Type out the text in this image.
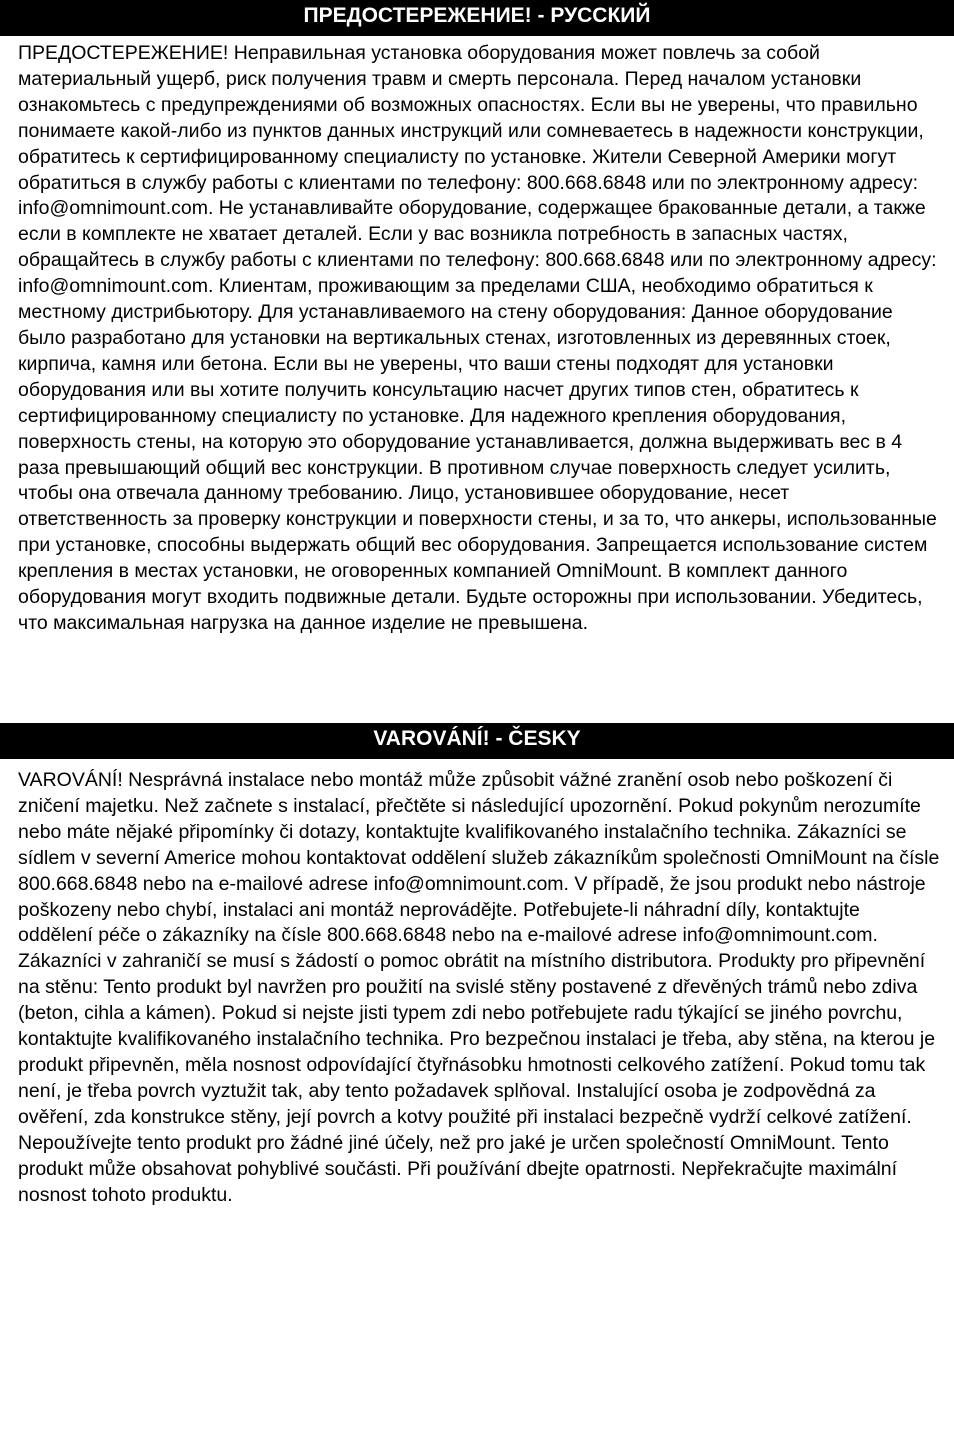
ПРЕДОСТЕРЕЖЕНИЕ! - РУССКИЙ

ПРЕДОСТЕРЕЖЕНИЕ! Неправильная установка оборудования может повлечь за собой материальный ущерб, риск получения травм и смерть персонала. Перед началом установки ознакомьтесь с предупреждениями об возможных опасностях. Если вы не уверены, что правильно понимаете какой-либо из пунктов данных инструкций или сомневаетесь в надежности конструкции, обратитесь к сертифицированному специалисту по установке. Жители Северной Америки могут обратиться в службу работы с клиентами по телефону: 800.668.6848 или по электронному адресу: info@omnimount.com. Не устанавливайте оборудование, содержащее бракованные детали, а также если в комплекте не хватает деталей. Если у вас возникла потребность в запасных частях, обращайтесь в службу работы с клиентами по телефону: 800.668.6848 или по электронному адресу: info@omnimount.com. Клиентам, проживающим за пределами США, необходимо обратиться к местному дистрибьютору. Для устанавливаемого на стену оборудования: Данное оборудование было разработано для установки на вертикальных стенах, изготовленных из деревянных стоек, кирпича, камня или бетона. Если вы не уверены, что ваши стены подходят для установки оборудования или вы хотите получить консультацию насчет других типов стен, обратитесь к сертифицированному специалисту по установке. Для надежного крепления оборудования, поверхность стены, на которую это оборудование устанавливается, должна выдерживать вес в 4 раза превышающий общий вес конструкции. В противном случае поверхность следует усилить, чтобы она отвечала данному требованию. Лицо, установившее оборудование, несет ответственность за проверку конструкции и поверхности стены, и за то, что анкеры, использованные при установке, способны выдержать общий вес оборудования. Запрещается использование систем крепления в местах установки, не оговоренных компанией OmniMount. В комплект данного оборудования могут входить подвижные детали. Будьте осторожны при использовании. Убедитесь, что максимальная нагрузка на данное изделие не превышена.

VAROVÁNÍ! - ČESKY

VAROVÁNÍ! Nesprávná instalace nebo montáž může způsobit vážné zranění osob nebo poškození či zničení majetku. Než začnete s instalací, přečtěte si následující upozornění. Pokud pokynům nerozumíte nebo máte nějaké připomínky či dotazy, kontaktujte kvalifikovaného instalačního technika. Zákazníci se sídlem v severní Americe mohou kontaktovat oddělení služeb zákazníkům společnosti OmniMount na čísle 800.668.6848 nebo na e-mailové adrese info@omnimount.com. V případě, že jsou produkt nebo nástroje poškozeny nebo chybí, instalaci ani montáž neprovádějte. Potřebujete-li náhradní díly, kontaktujte oddělení péče o zákazníky na čísle 800.668.6848 nebo na e-mailové adrese info@omnimount.com. Zákazníci v zahraničí se musí s žádostí o pomoc obrátit na místního distributora. Produkty pro připevnění na stěnu: Tento produkt byl navržen pro použití na svislé stěny postavené z dřevěných trámů nebo zdiva (beton, cihla a kámen). Pokud si nejste jisti typem zdi nebo potřebujete radu týkající se jiného povrchu, kontaktujte kvalifikovaného instalačního technika. Pro bezpečnou instalaci je třeba, aby stěna, na kterou je produkt připevněn, měla nosnost odpovídající čtyřnásobku hmotnosti celkového zatížení. Pokud tomu tak není, je třeba povrch vyztužit tak, aby tento požadavek splňoval. Instalující osoba je zodpovědná za ověření, zda konstrukce stěny, její povrch a kotvy použité při instalaci bezpečně vydrží celkové zatížení. Nepoužívejte tento produkt pro žádné jiné účely, než pro jaké je určen společností OmniMount. Tento produkt může obsahovat pohyblivé součásti. Při používání dbejte opatrnosti. Nepřekračujte maximální nosnost tohoto produktu.
